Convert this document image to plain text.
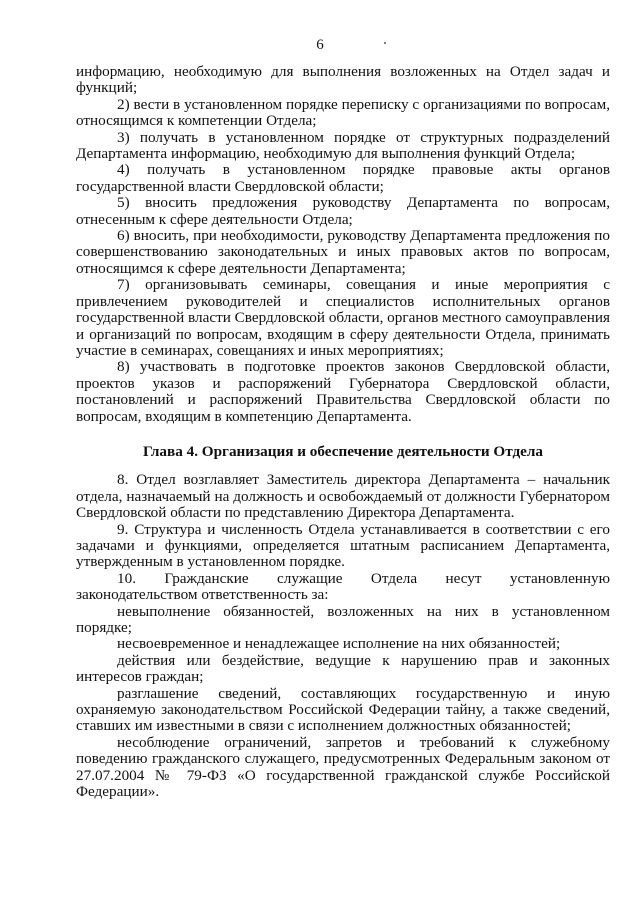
6

информацию, необходимую для выполнения возложенных на Отдел задач и функций;

2) вести в установленном порядке переписку с организациями по вопросам, относящимся к компетенции Отдела;

3) получать в установленном порядке от структурных подразделений Департамента информацию, необходимую для выполнения функций Отдела;

4) получать в установленном порядке правовые акты органов государственной власти Свердловской области;

5) вносить предложения руководству Департамента по вопросам, отнесенным к сфере деятельности Отдела;

6) вносить, при необходимости, руководству Департамента предложения по совершенствованию законодательных и иных правовых актов по вопросам, относящимся к сфере деятельности Департамента;

7) организовывать семинары, совещания и иные мероприятия с привлечением руководителей и специалистов исполнительных органов государственной власти Свердловской области, органов местного самоуправления и организаций по вопросам, входящим в сферу деятельности Отдела, принимать участие в семинарах, совещаниях и иных мероприятиях;

8) участвовать в подготовке проектов законов Свердловской области, проектов указов и распоряжений Губернатора Свердловской области, постановлений и распоряжений Правительства Свердловской области по вопросам, входящим в компетенцию Департамента.

Глава 4. Организация и обеспечение деятельности Отдела

8. Отдел возглавляет Заместитель директора Департамента – начальник отдела, назначаемый на должность и освобождаемый от должности Губернатором Свердловской области по представлению Директора Департамента.

9. Структура и численность Отдела устанавливается в соответствии с его задачами и функциями, определяется штатным расписанием Департамента, утвержденным в установленном порядке.

10. Гражданские служащие Отдела несут установленную законодательством ответственность за:

невыполнение обязанностей, возложенных на них в установленном порядке;

несвоевременное и ненадлежащее исполнение на них обязанностей;

действия или бездействие, ведущие к нарушению прав и законных интересов граждан;

разглашение сведений, составляющих государственную и иную охраняемую законодательством Российской Федерации тайну, а также сведений, ставших им известными в связи с исполнением должностных обязанностей;

несоблюдение ограничений, запретов и требований к служебному поведению гражданского служащего, предусмотренных Федеральным законом от 27.07.2004 № 79-ФЗ «О государственной гражданской службе Российской Федерации».
